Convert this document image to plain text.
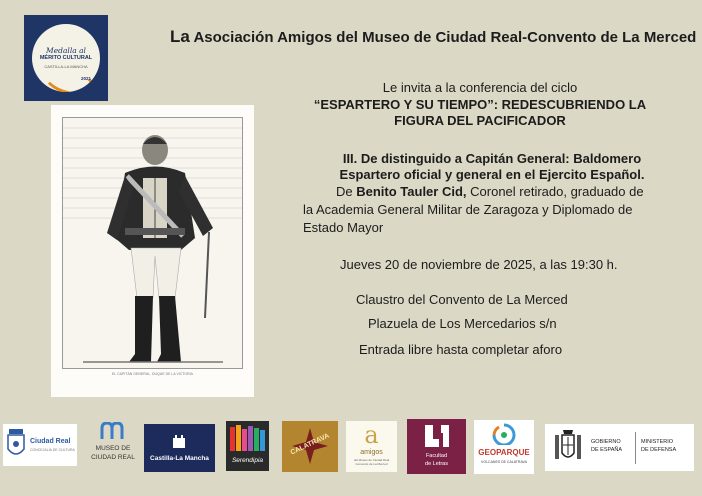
Medalla al
MÉRITO CULTURAL
CASTILLA-LA MANCHA
2021
La Asociación Amigos del Museo de Ciudad Real-Convento de La Merced
EL CAPITÁN GENERAL, DUQUE DE LA VICTORIA
Le invita a la conferencia del ciclo
“ESPARTERO Y SU TIEMPO”: REDESCUBRIENDO LA
FIGURA DEL PACIFICADOR
III. De distinguido a Capitán General: Baldomero
Espartero oficial y general en el Ejercito Español.
De Benito Tauler Cid, Coronel retirado, graduado de
la Academia General Militar de Zaragoza y Diplomado de
Estado Mayor
Jueves 20 de noviembre de 2025, a las 19:30 h.
Claustro del Convento de La Merced
Plazuela de Los Mercedarios s/n
Entrada libre hasta completar aforo
Ciudad Real
CONCEJALÍA DE CULTURA	MUSEO DE
CIUDAD REAL	Castilla-La Mancha	Serendipia
CALATRAVA	a
amigos
del Museo de Ciudad Real Convento de La Merced
Facultad
de Letras
GEOPARQUE
VOLCANES DE CALATRAVA
GOBIERNO
DE ESPAÑA
MINISTERIO
DE DEFENSA
